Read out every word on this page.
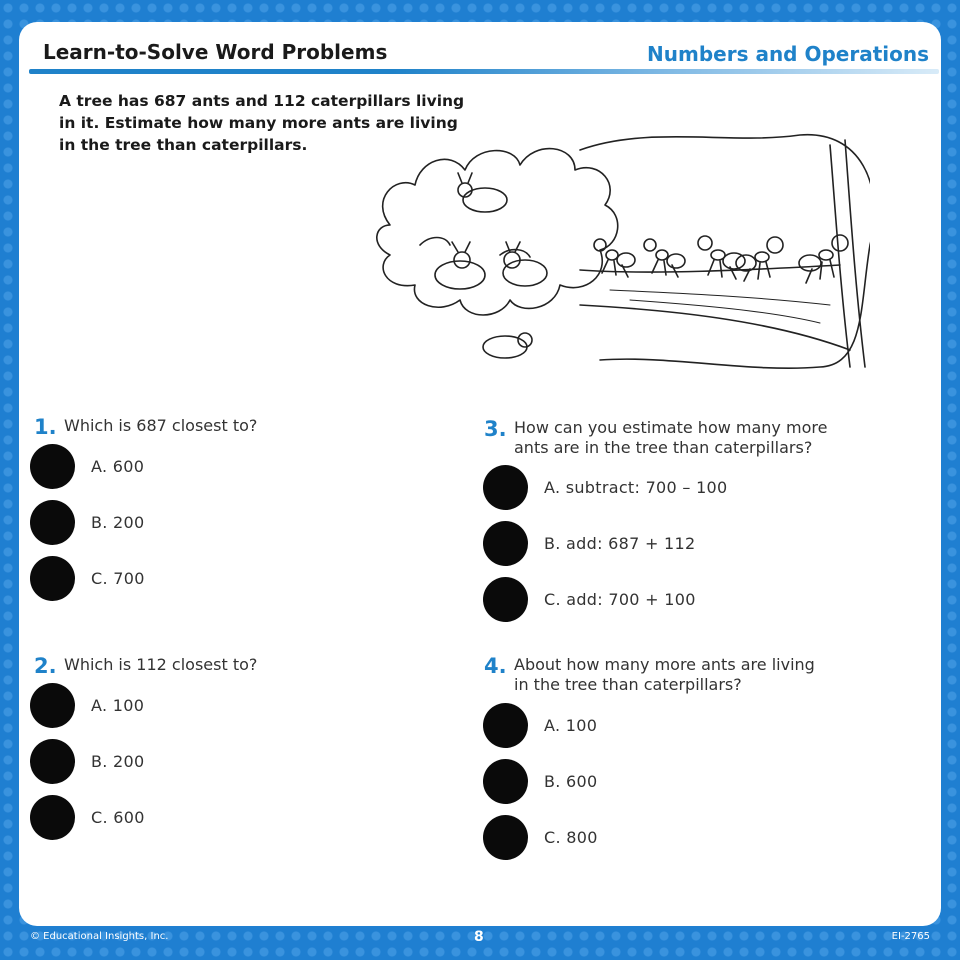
Learn-to-Solve Word Problems	Numbers and Operations

A tree has 687 ants and 112 caterpillars living
in it. Estimate how many more ants are living
in the tree than caterpillars.

1. Which is 687 closest to?

A. 600
B. 200
C. 700
2. Which is 112 closest to?

A. 100
B. 200
C. 600
3. How can you estimate how many more
ants are in the tree than caterpillars?

A. subtract: 700 – 100
B. add: 687 + 112
C. add: 700 + 100
4. About how many more ants are living
in the tree than caterpillars?

A. 100
B. 600
C. 800
© Educational Insights, Inc.	8	EI-2765
